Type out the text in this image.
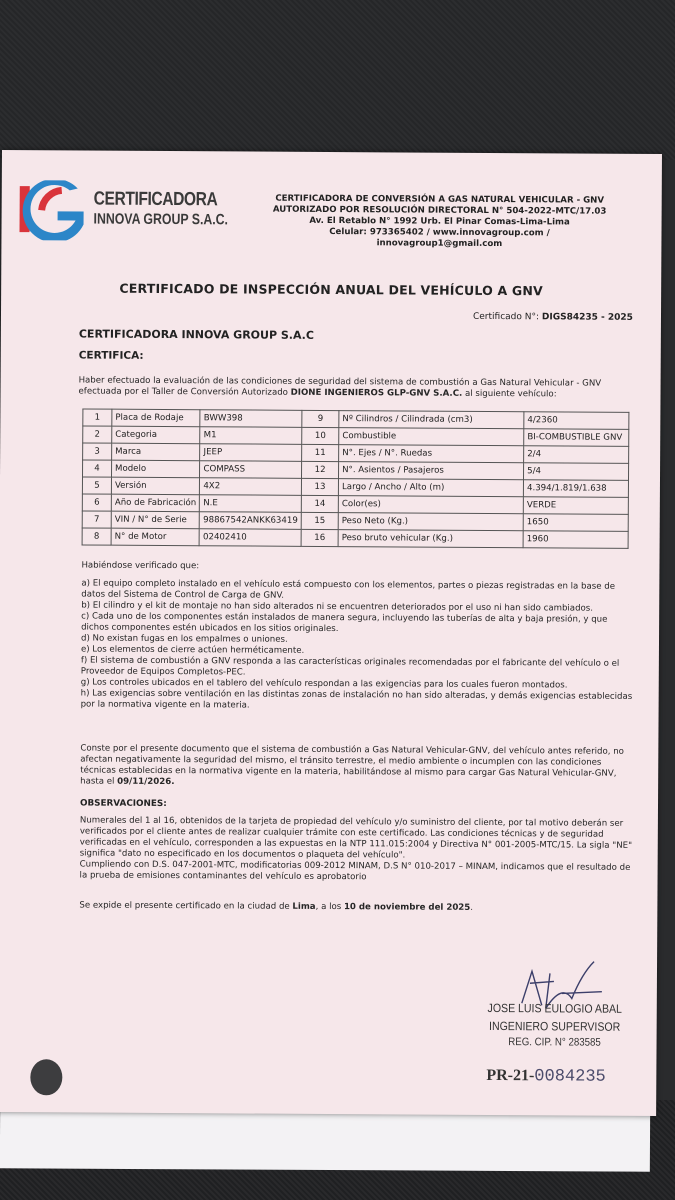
CERTIFICADORA
INNOVA GROUP S.A.C.
CERTIFICADORA DE CONVERSIÓN A GAS NATURAL VEHICULAR - GNV
AUTORIZADO POR RESOLUCIÓN DIRECTORAL N° 504-2022-MTC/17.03
Av. El Retablo N° 1992 Urb. El Pinar Comas-Lima-Lima
Celular: 973365402 / www.innovagroup.com / innovagroup1@gmail.com
CERTIFICADO DE INSPECCIÓN ANUAL DEL VEHÍCULO A GNV
Certificado N°: DIGS84235 - 2025
CERTIFICADORA INNOVA GROUP S.A.C
CERTIFICA:
Haber efectuado la evaluación de las condiciones de seguridad del sistema de combustión a Gas Natural Vehicular - GNV efectuada por el Taller de Conversión Autorizado DIONE INGENIEROS GLP-GNV S.A.C. al siguiente vehículo:
1	Placa de Rodaje	BWW398	9	Nº Cilindros / Cilindrada (cm3)	4/2360
2	Categoria	M1	10	Combustible	BI-COMBUSTIBLE GNV
3	Marca	JEEP	11	N°. Ejes / N°. Ruedas	2/4
4	Modelo	COMPASS	12	N°. Asientos / Pasajeros	5/4
5	Versión	4X2	13	Largo / Ancho / Alto (m)	4.394/1.819/1.638
6	Año de Fabricación	N.E	14	Color(es)	VERDE
7	VIN / N° de Serie	98867542ANKK63419	15	Peso Neto (Kg.)	1650
8	N° de Motor	02402410	16	Peso bruto vehicular (Kg.)	1960
Habiéndose verificado que:
a) El equipo completo instalado en el vehículo está compuesto con los elementos, partes o piezas registradas en la base de datos del Sistema de Control de Carga de GNV.
b) El cilindro y el kit de montaje no han sido alterados ni se encuentren deteriorados por el uso ni han sido cambiados.
c) Cada uno de los componentes están instalados de manera segura, incluyendo las tuberías de alta y baja presión, y que dichos componentes estén ubicados en los sitios originales.
d) No existan fugas en los empalmes o uniones.
e) Los elementos de cierre actúen herméticamente.
f) El sistema de combustión a GNV responda a las características originales recomendadas por el fabricante del vehículo o el Proveedor de Equipos Completos-PEC.
g) Los controles ubicados en el tablero del vehículo respondan a las exigencias para los cuales fueron montados.
h) Las exigencias sobre ventilación en las distintas zonas de instalación no han sido alteradas, y demás exigencias establecidas por la normativa vigente en la materia.
Conste por el presente documento que el sistema de combustión a Gas Natural Vehicular-GNV, del vehículo antes referido, no afectan negativamente la seguridad del mismo, el tránsito terrestre, el medio ambiente o incumplen con las condiciones técnicas establecidas en la normativa vigente en la materia, habilitándose al mismo para cargar Gas Natural Vehicular-GNV, hasta el 09/11/2026.
OBSERVACIONES:
Numerales del 1 al 16, obtenidos de la tarjeta de propiedad del vehículo y/o suministro del cliente, por tal motivo deberán ser verificados por el cliente antes de realizar cualquier trámite con este certificado. Las condiciones técnicas y de seguridad verificadas en el vehículo, corresponden a las expuestas en la NTP 111.015:2004 y Directiva N° 001-2005-MTC/15. La sigla "NE" significa "dato no especificado en los documentos o plaqueta del vehículo".
Cumpliendo con D.S. 047-2001-MTC, modificatorias 009-2012 MINAM, D.S N° 010-2017 – MINAM, indicamos que el resultado de la prueba de emisiones contaminantes del vehículo es aprobatorio
Se expide el presente certificado en la ciudad de Lima, a los 10 de noviembre del 2025.
JOSE LUIS EULOGIO ABAL
INGENIERO SUPERVISOR
REG. CIP. N° 283585
PR-21-0084235
